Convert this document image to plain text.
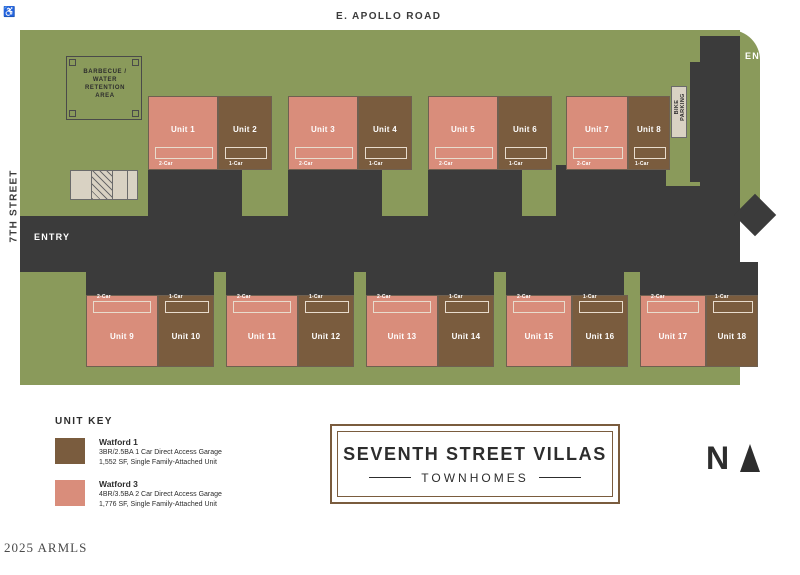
E. APOLLO ROAD
7TH STREET
ENTRY
ENTRY
BARBECUE /
WATER
RETENTION
AREA
BIKE PARKING
♿
Unit 1
2-Car
Unit 2
1-Car
Unit 3
2-Car
Unit 4
1-Car
Unit 5
2-Car
Unit 6
1-Car
Unit 7
2-Car
Unit 8
1-Car
2-Car
Unit 9
1-Car
Unit 10
2-Car
Unit 11
1-Car
Unit 12
2-Car
Unit 13
1-Car
Unit 14
2-Car
Unit 15
1-Car
Unit 16
2-Car
Unit 17
1-Car
Unit 18
UNIT KEY
Watford 1
3BR/2.5BA 1 Car Direct Access Garage
1,552 SF, Single Family-Attached Unit
Watford 3
4BR/3.5BA 2 Car Direct Access Garage
1,776 SF, Single Family-Attached Unit
SEVENTH STREET VILLAS
TOWNHOMES
N
2025 ARMLS
